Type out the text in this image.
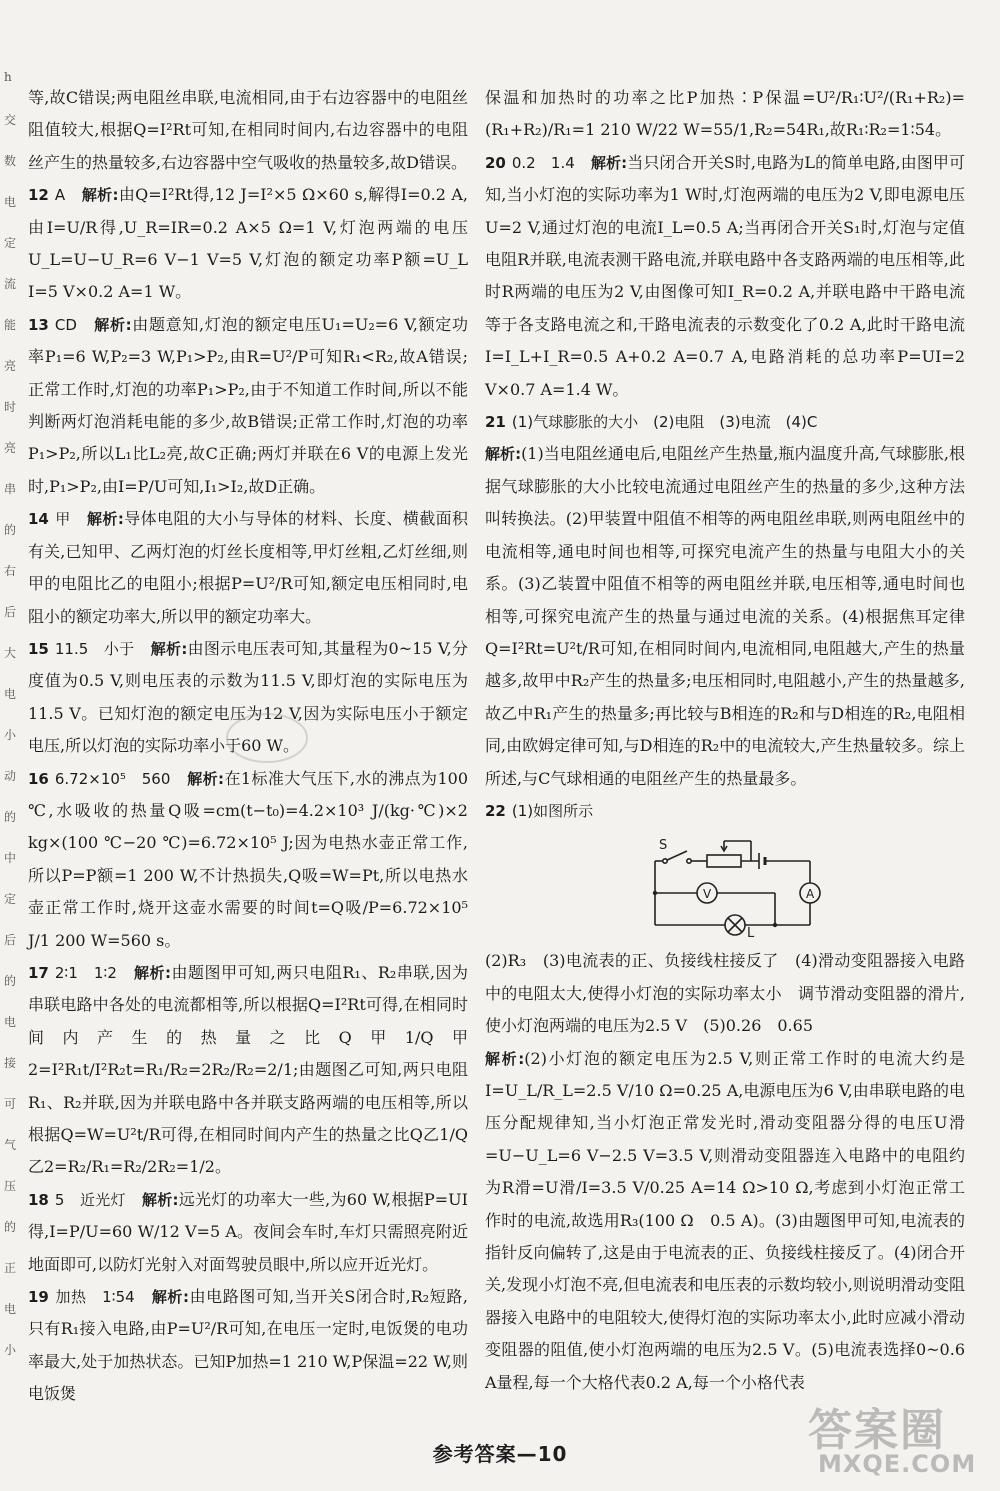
h
交
数
电
定
流
能
亮
时
亮
串
的
右
后
大
电
小
动
的
中
定
后
的
电
接
可
气
压
的
正
电
小

等,故C错误;两电阻丝串联,电流相同,由于右边容器中的电阻丝阻值较大,根据Q=I²Rt可知,在相同时间内,右边容器中的电阻丝产生的热量较多,右边容器中空气吸收的热量较多,故D错误。

12 A　 解析:由Q=I²Rt得,12 J=I²×5 Ω×60 s,解得I=0.2 A,由I=U/R得,U_R=IR=0.2 A×5 Ω=1 V,灯泡两端的电压U_L=U−U_R=6 V−1 V=5 V,灯泡的额定功率P额=U_L I=5 V×0.2 A=1 W。

13 CD　 解析:由题意知,灯泡的额定电压U₁=U₂=6 V,额定功率P₁=6 W,P₂=3 W,P₁>P₂,由R=U²/P可知R₁<R₂,故A错误;正常工作时,灯泡的功率P₁>P₂,由于不知道工作时间,所以不能判断两灯泡消耗电能的多少,故B错误;正常工作时,灯泡的功率P₁>P₂,所以L₁比L₂亮,故C正确;两灯并联在6 V的电源上发光时,P₁>P₂,由I=P/U可知,I₁>I₂,故D正确。

14 甲　 解析:导体电阻的大小与导体的材料、长度、横截面积有关,已知甲、乙两灯泡的灯丝长度相等,甲灯丝粗,乙灯丝细,则甲的电阻比乙的电阻小;根据P=U²/R可知,额定电压相同时,电阻小的额定功率大,所以甲的额定功率大。

15 11.5　小于　 解析:由图示电压表可知,其量程为0~15 V,分度值为0.5 V,则电压表的示数为11.5 V,即灯泡的实际电压为11.5 V。已知灯泡的额定电压为12 V,因为实际电压小于额定电压,所以灯泡的实际功率小于60 W。

16 6.72×10⁵　560　 解析:在1标准大气压下,水的沸点为100 ℃,水吸收的热量Q吸=cm(t−t₀)=4.2×10³ J/(kg·℃)×2 kg×(100 ℃−20 ℃)=6.72×10⁵ J;因为电热水壶正常工作,所以P=P额=1 200 W,不计热损失,Q吸=W=Pt,所以电热水壶正常工作时,烧开这壶水需要的时间t=Q吸/P=6.72×10⁵ J/1 200 W=560 s。

17 2∶1　1∶2　 解析:由题图甲可知,两只电阻R₁、R₂串联,因为串联电路中各处的电流都相等,所以根据Q=I²Rt可得,在相同时间内产生的热量之比Q甲1/Q甲2=I²R₁t/I²R₂t=R₁/R₂=2R₂/R₂=2/1;由题图乙可知,两只电阻R₁、R₂并联,因为并联电路中各并联支路两端的电压相等,所以根据Q=W=U²t/R可得,在相同时间内产生的热量之比Q乙1/Q乙2=R₂/R₁=R₂/2R₂=1/2。

18 5　近光灯　 解析:远光灯的功率大一些,为60 W,根据P=UI得,I=P/U=60 W/12 V=5 A。夜间会车时,车灯只需照亮附近地面即可,以防灯光射入对面驾驶员眼中,所以应开近光灯。

19 加热　1∶54　 解析:由电路图可知,当开关S闭合时,R₂短路,只有R₁接入电路,由P=U²/R可知,在电压一定时,电饭煲的电功率最大,处于加热状态。已知P加热=1 210 W,P保温=22 W,则电饭煲

保温和加热时的功率之比P加热∶P保温=U²/R₁∶U²/(R₁+R₂)=(R₁+R₂)/R₁=1 210 W/22 W=55/1,R₂=54R₁,故R₁∶R₂=1∶54。

20 0.2　1.4　 解析:当只闭合开关S时,电路为L的简单电路,由图甲可知,当小灯泡的实际功率为1 W时,灯泡两端的电压为2 V,即电源电压U=2 V,通过灯泡的电流I_L=0.5 A;当再闭合开关S₁时,灯泡与定值电阻R并联,电流表测干路电流,并联电路中各支路两端的电压相等,此时R两端的电压为2 V,由图像可知I_R=0.2 A,并联电路中干路电流等于各支路电流之和,干路电流表的示数变化了0.2 A,此时干路电流I=I_L+I_R=0.5 A+0.2 A=0.7 A,电路消耗的总功率P=UI=2 V×0.7 A=1.4 W。

21 (1)气球膨胀的大小　(2)电阻　(3)电流　(4)C　

解析:(1)当电阻丝通电后,电阻丝产生热量,瓶内温度升高,气球膨胀,根据气球膨胀的大小比较电流通过电阻丝产生的热量的多少,这种方法叫转换法。(2)甲装置中阻值不相等的两电阻丝串联,则两电阻丝中的电流相等,通电时间也相等,可探究电流产生的热量与电阻大小的关系。(3)乙装置中阻值不相等的两电阻丝并联,电压相等,通电时间也相等,可探究电流产生的热量与通过电流的关系。(4)根据焦耳定律Q=I²Rt=U²t/R可知,在相同时间内,电流相同,电阻越大,产生的热量越多,故甲中R₂产生的热量多;电压相同时,电阻越小,产生的热量越多,故乙中R₁产生的热量多;再比较与B相连的R₂和与D相连的R₂,电阻相同,由欧姆定律可知,与D相连的R₂中的电流较大,产生热量较多。综上所述,与C气球相通的电阻丝产生的热量最多。

22 (1)如图所示　

S
V	A
L

(2)R₃　(3)电流表的正、负接线柱接反了　(4)滑动变阻器接入电路中的电阻太大,使得小灯泡的实际功率太小　调节滑动变阻器的滑片,使小灯泡两端的电压为2.5 V　(5)0.26　0.65

解析:(2)小灯泡的额定电压为2.5 V,则正常工作时的电流大约是I=U_L/R_L=2.5 V/10 Ω=0.25 A,电源电压为6 V,由串联电路的电压分配规律知,当小灯泡正常发光时,滑动变阻器分得的电压U滑=U−U_L=6 V−2.5 V=3.5 V,则滑动变阻器连入电路中的电阻约为R滑=U滑/I=3.5 V/0.25 A=14 Ω>10 Ω,考虑到小灯泡正常工作时的电流,故选用R₃(100 Ω　0.5 A)。(3)由题图甲可知,电流表的指针反向偏转了,这是由于电流表的正、负接线柱接反了。(4)闭合开关,发现小灯泡不亮,但电流表和电压表的示数均较小,则说明滑动变阻器接入电路中的电阻较大,使得灯泡的实际功率太小,此时应减小滑动变阻器的阻值,使小灯泡两端的电压为2.5 V。(5)电流表选择0~0.6 A量程,每一个大格代表0.2 A,每一个小格代表

参考答案—10	答案圈
MXQE.COM
